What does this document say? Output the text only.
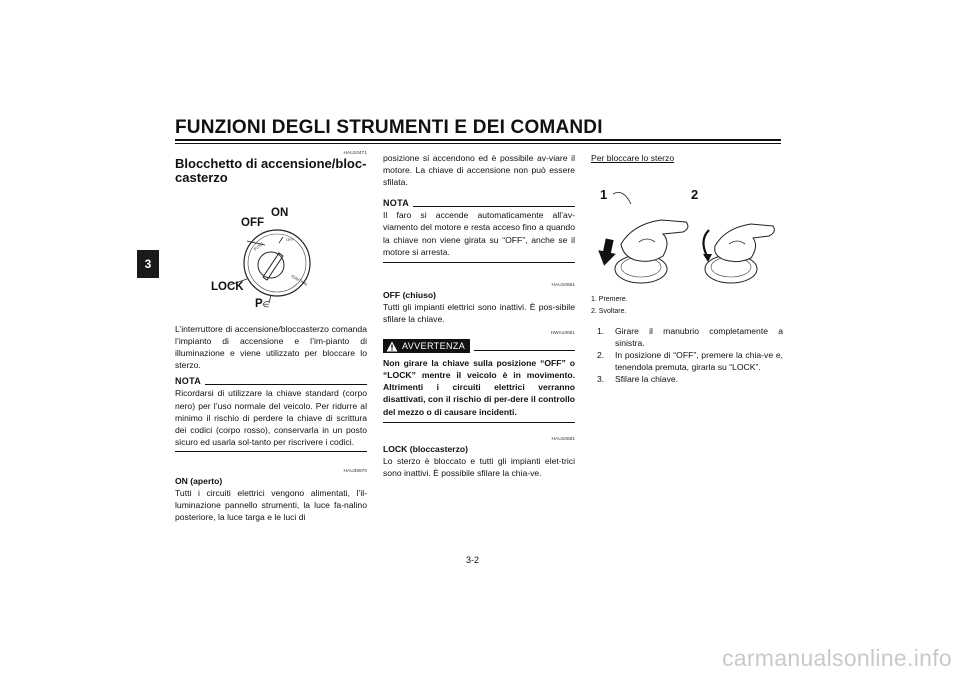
FUNZIONI DEGLI STRUMENTI E DEI COMANDI
3
HAU10471
Blocchetto di accensione/bloc-casterzo
PUSH
OFF
IGNITION
ON
OFF
LOCK
P∈

L’interruttore di accensione/bloccasterzo comanda l’impianto di accensione e l’im-pianto di illuminazione e viene utilizzato per bloccare lo sterzo.

NOTA

Ricordarsi di utilizzare la chiave standard (corpo nero) per l’uso normale del veicolo. Per ridurre al minimo il rischio di perdere la chiave di scrittura dei codici (corpo rosso), conservarla in un posto sicuro ed usarla sol-tanto per riscrivere i codici.

HAU36870
ON (aperto)

Tutti i circuiti elettrici vengono alimentati, l’il-luminazione pannello strumenti, la luce fa-nalino posteriore, la luce targa e le luci di

posizione si accendono ed è possibile av-viare il motore. La chiave di accensione non può essere sfilata.

NOTA

Il faro si accende automaticamente all’av-viamento del motore e resta acceso fino a quando la chiave non viene girata su “OFF”, anche se il motore si arresta.

HAU10661
OFF (chiuso)

Tutti gli impianti elettrici sono inattivi. È pos-sibile sfilare la chiave.

HWA10061
AVVERTENZA

Non girare la chiave sulla posizione “OFF” o “LOCK” mentre il veicolo è in movimento. Altrimenti i circuiti elettrici verranno disattivati, con il rischio di per-dere il controllo del mezzo o di causare incidenti.

HAU10681
LOCK (bloccasterzo)

Lo sterzo è bloccato e tutti gli impianti elet-trici sono inattivi. È possibile sfilare la chia-ve.

Per bloccare lo sterzo
1	2
1. Premere.
2. Svoltare.
1.	Girare il manubrio completamente a sinistra.
2.	In posizione di “OFF”, premere la chia-ve e, tenendola premuta, girarla su “LOCK”.
3.	Sfilare la chiave.
3-2
carmanualsonline.info
